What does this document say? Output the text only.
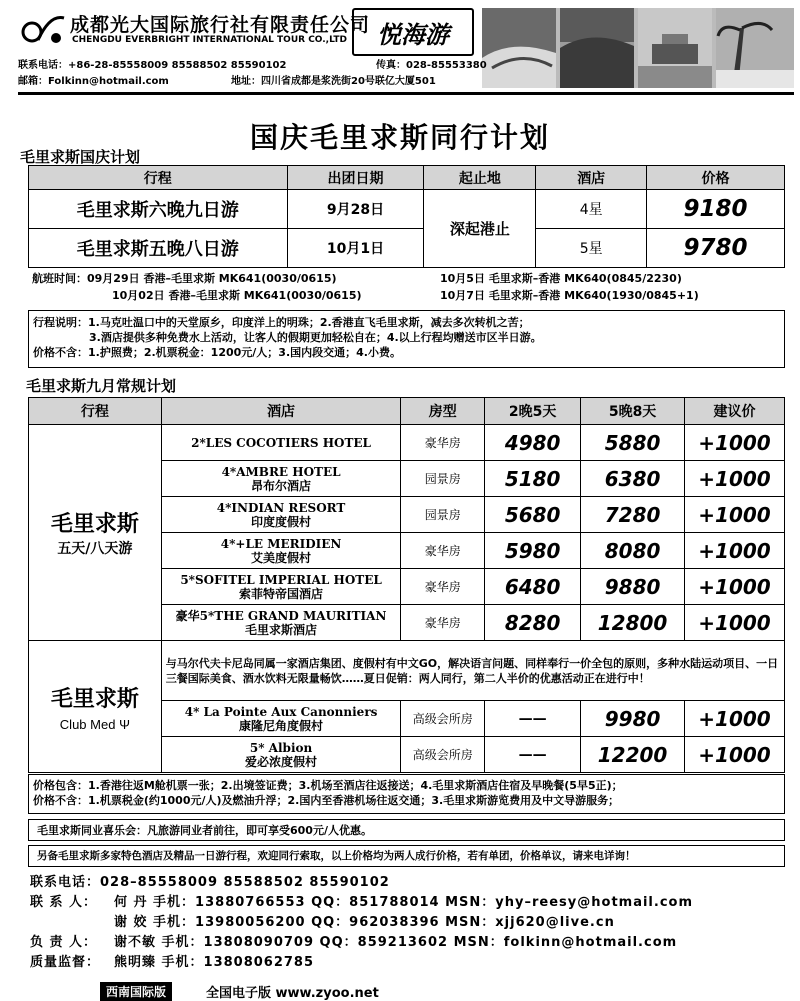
成都光大国际旅行社有限责任公司
CHENGDU EVERBRIGHT INTERNATIONAL TOUR CO.,LTD	悦海游
联系电话：+86-28-85558009 85588502 85590102	传真：028-85553380
邮箱：Folkinn@hotmail.com	地址：四川省成都是浆洗街20号联亿大厦501
国庆毛里求斯同行计划
毛里求斯国庆计划
行程	出团日期	起止地	酒店	价格
毛里求斯六晚九日游	9月28日	深起港止	4星	9180
毛里求斯五晚八日游	10月1日		5星	9780
航班时间：09月29日 香港–毛里求斯 MK641(0030/0615)	10月5日 毛里求斯–香港 MK640(0845/2230)
10月02日 香港–毛里求斯 MK641(0030/0615)	10月7日 毛里求斯–香港 MK640(1930/0845+1)
行程说明：1.马克吐温口中的天堂原乡，印度洋上的明珠；2.香港直飞毛里求斯，减去多次转机之苦；
3.酒店提供多种免费水上活动，让客人的假期更加轻松自在；4.以上行程均赠送市区半日游。
价格不含：1.护照费；2.机票税金：1200元/人；3.国内段交通；4.小费。
毛里求斯九月常规计划
行程	酒店	房型	2晚5天	5晚8天	建议价

毛里求斯
五天/八天游	2*LES COCOTIERS HOTEL	豪华房	4980	5880	+1000

	4*AMBRE HOTEL
昂布尔酒店	园景房	5180	6380	+1000

	4*INDIAN RESORT
印度度假村	园景房	5680	7280	+1000

	4*+LE MERIDIEN
艾美度假村	豪华房	5980	8080	+1000

	5*SOFITEL IMPERIAL HOTEL
索菲特帝国酒店	豪华房	6480	9880	+1000

	豪华5*THE GRAND MAURITIAN
毛里求斯酒店	豪华房	8280	12800	+1000

毛里求斯
Club Med Ψ	与马尔代夫卡尼岛同属一家酒店集团、度假村有中文GO，解决语言问题、同样奉行一价全包的原则，多种水陆运动项目、一日三餐国际美食、酒水饮料无限量畅饮……夏日促销：两人同行，第二人半价的优惠活动正在进行中！				

	4* La Pointe Aux Canonniers
康隆尼角度假村	高级会所房	——	9980	+1000

	5* Albion
爱必浓度假村	高级会所房	——	12200	+1000
价格包含：1.香港往返M舱机票一张；2.出境签证费；3.机场至酒店往返接送；4.毛里求斯酒店住宿及早晚餐(5早5正)；
价格不含：1.机票税金(约1000元/人)及燃油升浮；2.国内至香港机场往返交通；3.毛里求斯游览费用及中文导游服务；
毛里求斯同业喜乐会：凡旅游同业者前往，即可享受600元/人优惠。
另备毛里求斯多家特色酒店及精品一日游行程，欢迎同行索取，以上价格均为两人成行价格，若有单团，价格单议，请来电详询！
联系电话：028–85558009 85588502 85590102
联 系 人： 何 丹 手机：13880766553 QQ：851788014 MSN：yhy–reesy@hotmail.com
谢 姣 手机：13980056200 QQ：962038396 MSN：xjj620@live.cn
负 责 人： 谢不敏 手机：13808090709 QQ：859213602 MSN：folkinn@hotmail.com
质量监督： 熊明臻 手机：13808062785
西南国际版	全国电子版 www.zyoo.net
